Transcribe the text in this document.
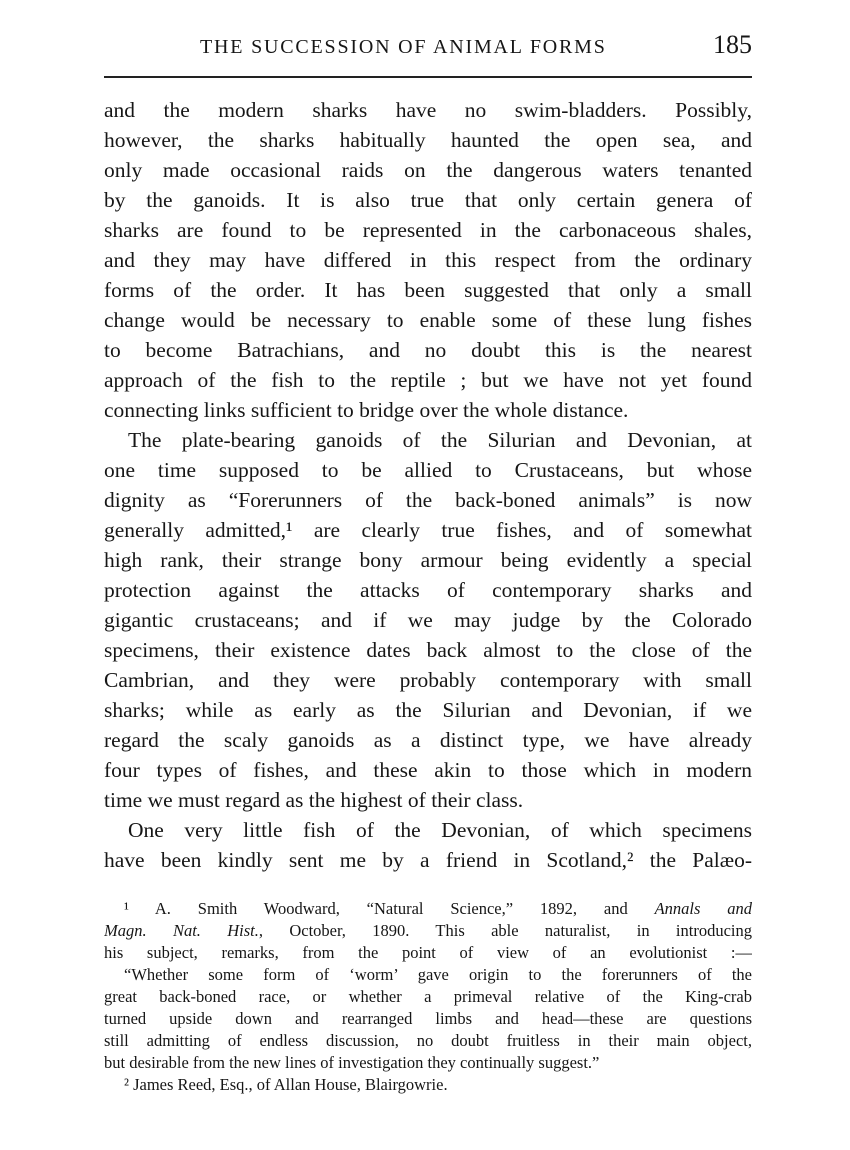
THE SUCCESSION OF ANIMAL FORMS	185
and the modern sharks have no swim-bladders. Possibly,
however, the sharks habitually haunted the open sea, and
only made occasional raids on the dangerous waters tenanted
by the ganoids. It is also true that only certain genera of
sharks are found to be represented in the carbonaceous shales,
and they may have differed in this respect from the ordinary
forms of the order. It has been suggested that only a small
change would be necessary to enable some of these lung fishes
to become Batrachians, and no doubt this is the nearest
approach of the fish to the reptile ; but we have not yet found
connecting links sufficient to bridge over the whole distance.
The plate-bearing ganoids of the Silurian and Devonian, at
one time supposed to be allied to Crustaceans, but whose
dignity as “Forerunners of the back-boned animals” is now
generally admitted,¹ are clearly true fishes, and of somewhat
high rank, their strange bony armour being evidently a special
protection against the attacks of contemporary sharks and
gigantic crustaceans; and if we may judge by the Colorado
specimens, their existence dates back almost to the close of the
Cambrian, and they were probably contemporary with small
sharks; while as early as the Silurian and Devonian, if we
regard the scaly ganoids as a distinct type, we have already
four types of fishes, and these akin to those which in modern
time we must regard as the highest of their class.
One very little fish of the Devonian, of which specimens
have been kindly sent me by a friend in Scotland,² the Palæo-
¹ A. Smith Woodward, “Natural Science,” 1892, and Annals and
Magn. Nat. Hist., October, 1890. This able naturalist, in introducing
his subject, remarks, from the point of view of an evolutionist :—
“Whether some form of ‘worm’ gave origin to the forerunners of the
great back-boned race, or whether a primeval relative of the King-crab
turned upside down and rearranged limbs and head—these are questions
still admitting of endless discussion, no doubt fruitless in their main object,
but desirable from the new lines of investigation they continually suggest.”
² James Reed, Esq., of Allan House, Blairgowrie.
